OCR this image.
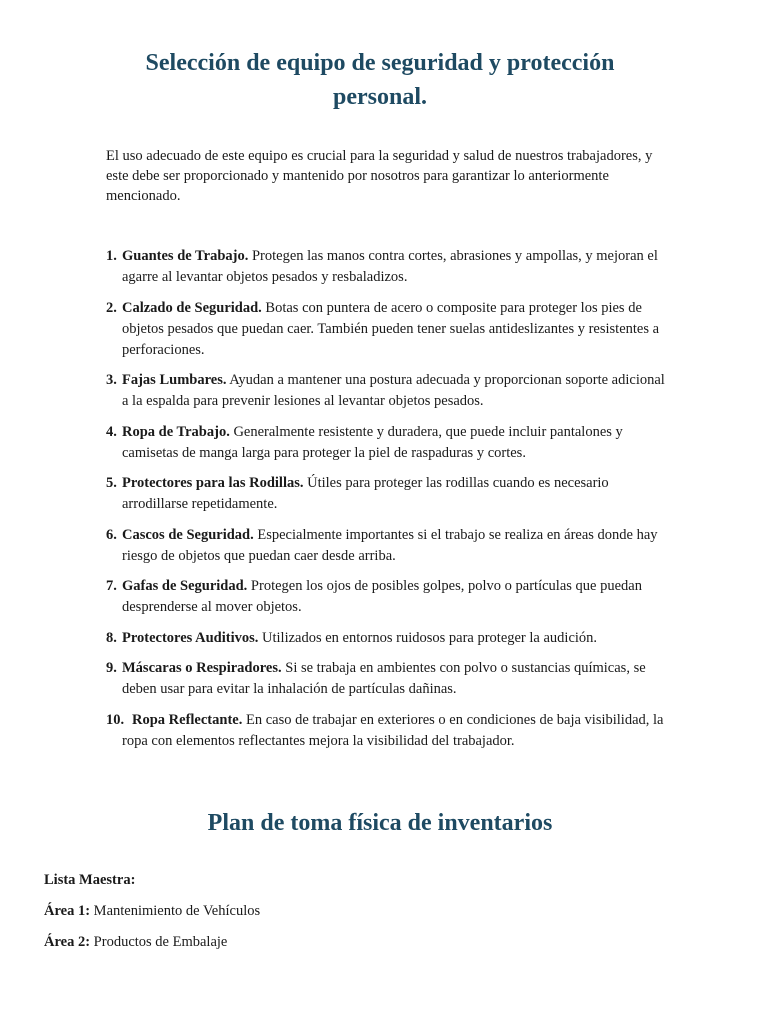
Selección de equipo de seguridad y protección personal.

El uso adecuado de este equipo es crucial para la seguridad y salud de nuestros trabajadores, y este debe ser proporcionado y mantenido por nosotros para garantizar lo anteriormente mencionado.

1. Guantes de Trabajo. Protegen las manos contra cortes, abrasiones y ampollas, y mejoran el agarre al levantar objetos pesados y resbaladizos.
2. Calzado de Seguridad. Botas con puntera de acero o composite para proteger los pies de objetos pesados que puedan caer. También pueden tener suelas antideslizantes y resistentes a perforaciones.
3. Fajas Lumbares. Ayudan a mantener una postura adecuada y proporcionan soporte adicional a la espalda para prevenir lesiones al levantar objetos pesados.
4. Ropa de Trabajo. Generalmente resistente y duradera, que puede incluir pantalones y camisetas de manga larga para proteger la piel de raspaduras y cortes.
5. Protectores para las Rodillas. Útiles para proteger las rodillas cuando es necesario arrodillarse repetidamente.
6. Cascos de Seguridad. Especialmente importantes si el trabajo se realiza en áreas donde hay riesgo de objetos que puedan caer desde arriba.
7. Gafas de Seguridad. Protegen los ojos de posibles golpes, polvo o partículas que puedan desprenderse al mover objetos.
8. Protectores Auditivos. Utilizados en entornos ruidosos para proteger la audición.
9. Máscaras o Respiradores. Si se trabaja en ambientes con polvo o sustancias químicas, se deben usar para evitar la inhalación de partículas dañinas.
10. Ropa Reflectante. En caso de trabajar en exteriores o en condiciones de baja visibilidad, la ropa con elementos reflectantes mejora la visibilidad del trabajador.
Plan de toma física de inventarios

Lista Maestra:

Área 1: Mantenimiento de Vehículos

Área 2: Productos de Embalaje
